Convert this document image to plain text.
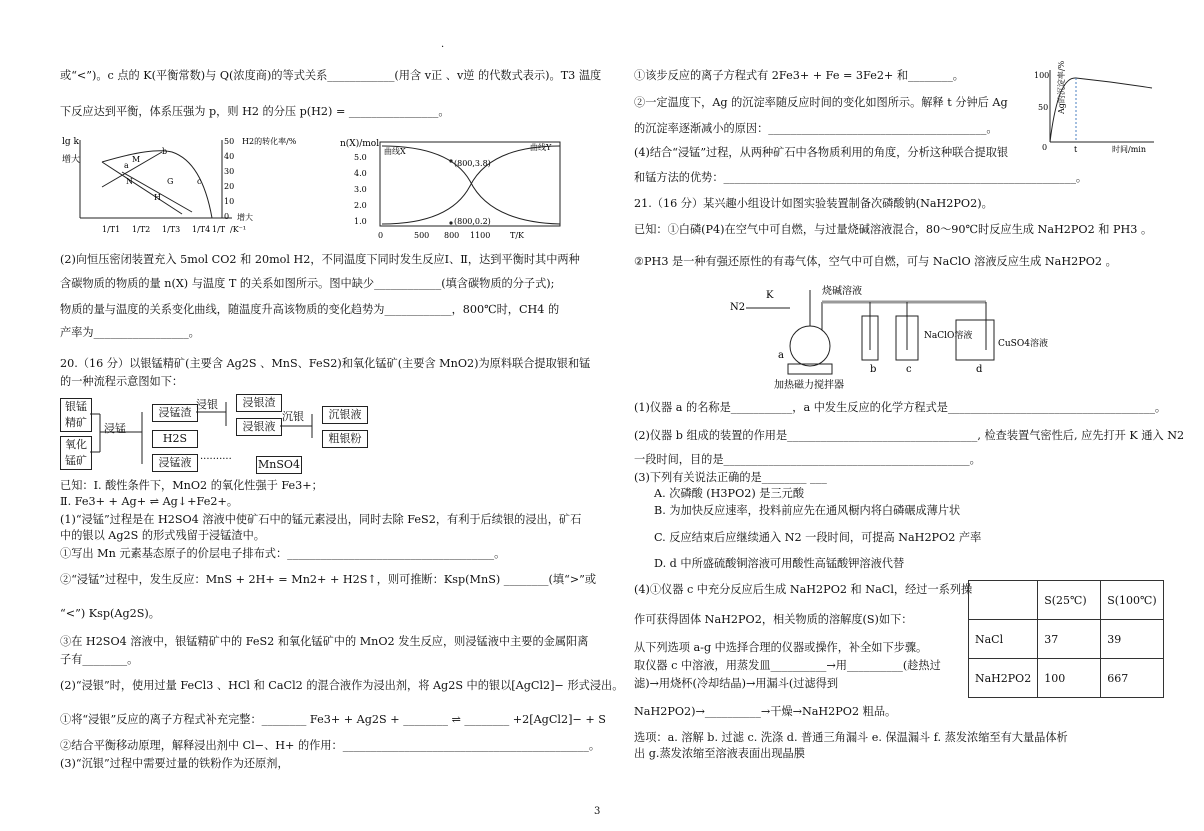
·
或“<”)。c 点的 K(平衡常数)与 Q(浓度商)的等式关系____________(用含 v正 、v逆 的代数式表示)。T3 温度
下反应达到平衡，体系压强为 p，则 H2 的分压 p(H2) = ________________。
lg k
增大
50
40
30
20
10
0
H2的转化率/%
a
b
M
N	G
H
c
1/T1 1/T2 1/T3 1/T4 1/T /K⁻¹
增大
n(X)/mol
5.0
4.0
3.0
2.0
1.0
0	500 800 1100 T/K
曲线X	曲线Y
(800,3.8)
(800,0.2)
(2)向恒压密闭装置充入 5mol CO2 和 20mol H2，不同温度下同时发生反应Ⅰ、Ⅱ，达到平衡时其中两种
含碳物质的物质的量 n(X) 与温度 T 的关系如图所示。图中缺少____________(填含碳物质的分子式);
物质的量与温度的关系变化曲线，随温度升高该物质的变化趋势为____________，800℃时，CH4 的
产率为_________________。
20.（16 分）以银锰精矿(主要含 Ag2S 、MnS、FeS2)和氧化锰矿(主要含 MnO2)为原料联合提取银和锰
的一种流程示意图如下：
银锰精矿
氧化锰矿
浸锰
浸锰渣
H2S
浸锰液
浸银	浸银渣
浸银液
沉银	沉银液
粗银粉
·········· MnSO4
已知：Ⅰ. 酸性条件下，MnO2 的氧化性强于 Fe3+；
Ⅱ. Fe3+ + Ag+ ⇌ Ag↓+Fe2+。
(1)“浸锰”过程是在 H2SO4 溶液中使矿石中的锰元素浸出，同时去除 FeS2，有利于后续银的浸出，矿石
中的银以 Ag2S 的形式残留于浸锰渣中。
①写出 Mn 元素基态原子的价层电子排布式：_____________________________________。
②“浸锰”过程中，发生反应：MnS + 2H+ = Mn2+ + H2S↑，则可推断：Ksp(MnS) ________(填“>”或
“<”) Ksp(Ag2S)。
③在 H2SO4 溶液中，银锰精矿中的 FeS2 和氧化锰矿中的 MnO2 发生反应，则浸锰液中主要的金属阳离
子有________。
(2)“浸银”时，使用过量 FeCl3 、HCl 和 CaCl2 的混合液作为浸出剂，将 Ag2S 中的银以[AgCl2]− 形式浸出。
①将“浸银”反应的离子方程式补充完整：________ Fe3+ + Ag2S + ________ ⇌ ________ +2[AgCl2]− + S
②结合平衡移动原理，解释浸出剂中 Cl−、H+ 的作用：____________________________________________。
(3)“沉银”过程中需要过量的铁粉作为还原剂，
①该步反应的离子方程式有 2Fe3+ + Fe = 3Fe2+ 和________。
②一定温度下，Ag 的沉淀率随反应时间的变化如图所示。解释 t 分钟后 Ag
的沉淀率逐渐减小的原因：_______________________________________。
(4)结合“浸锰”过程，从两种矿石中各物质利用的角度，分析这种联合提取银
和锰方法的优势：_______________________________________________________________。
Ag的沉淀率/%
100
50
0	t	时间/min
21.（16 分）某兴趣小组设计如图实验装置制备次磷酸钠(NaH2PO2)。
已知：①白磷(P4)在空气中可自燃，与过量烧碱溶液混合，80～90℃时反应生成 NaH2PO2 和 PH3 。
②PH3 是一种有强还原性的有毒气体，空气中可自燃，可与 NaClO 溶液反应生成 NaH2PO2 。
N2
K	烧碱溶液
a
b	c	d
NaClO溶液
CuSO4溶液
加热磁力搅拌器
(1)仪器 a 的名称是___________，a 中发生反应的化学方程式是_____________________________________。
(2)仪器 b 组成的装置的作用是__________________________________, 检查装置气密性后, 应先打开 K 通入 N2
一段时间，目的是____________________________________________。
(3)下列有关说法正确的是________ ___
A. 次磷酸 (H3PO2) 是三元酸
B. 为加快反应速率，投料前应先在通风橱内将白磷碾成薄片状
C. 反应结束后应继续通入 N2 一段时间，可提高 NaH2PO2 产率
D. d 中所盛硫酸铜溶液可用酸性高锰酸钾溶液代替
(4)①仪器 c 中充分反应后生成 NaH2PO2 和 NaCl，经过一系列操
作可获得固体 NaH2PO2，相关物质的溶解度(S)如下：
从下列选项 a-g 中选择合理的仪器或操作，补全如下步骤。
取仪器 c 中溶液，用蒸发皿__________→用__________(趁热过
滤)→用烧杯(冷却结晶)→用漏斗(过滤得到
NaH2PO2)→__________→干燥→NaH2PO2 粗品。
选项：a. 溶解 b. 过滤 c. 洗涤 d. 普通三角漏斗 e. 保温漏斗 f. 蒸发浓缩至有大量晶体析
出 g.蒸发浓缩至溶液表面出现晶膜
	S(25℃)	S(100℃)
NaCl	37	39
NaH2PO2	100	667
3
